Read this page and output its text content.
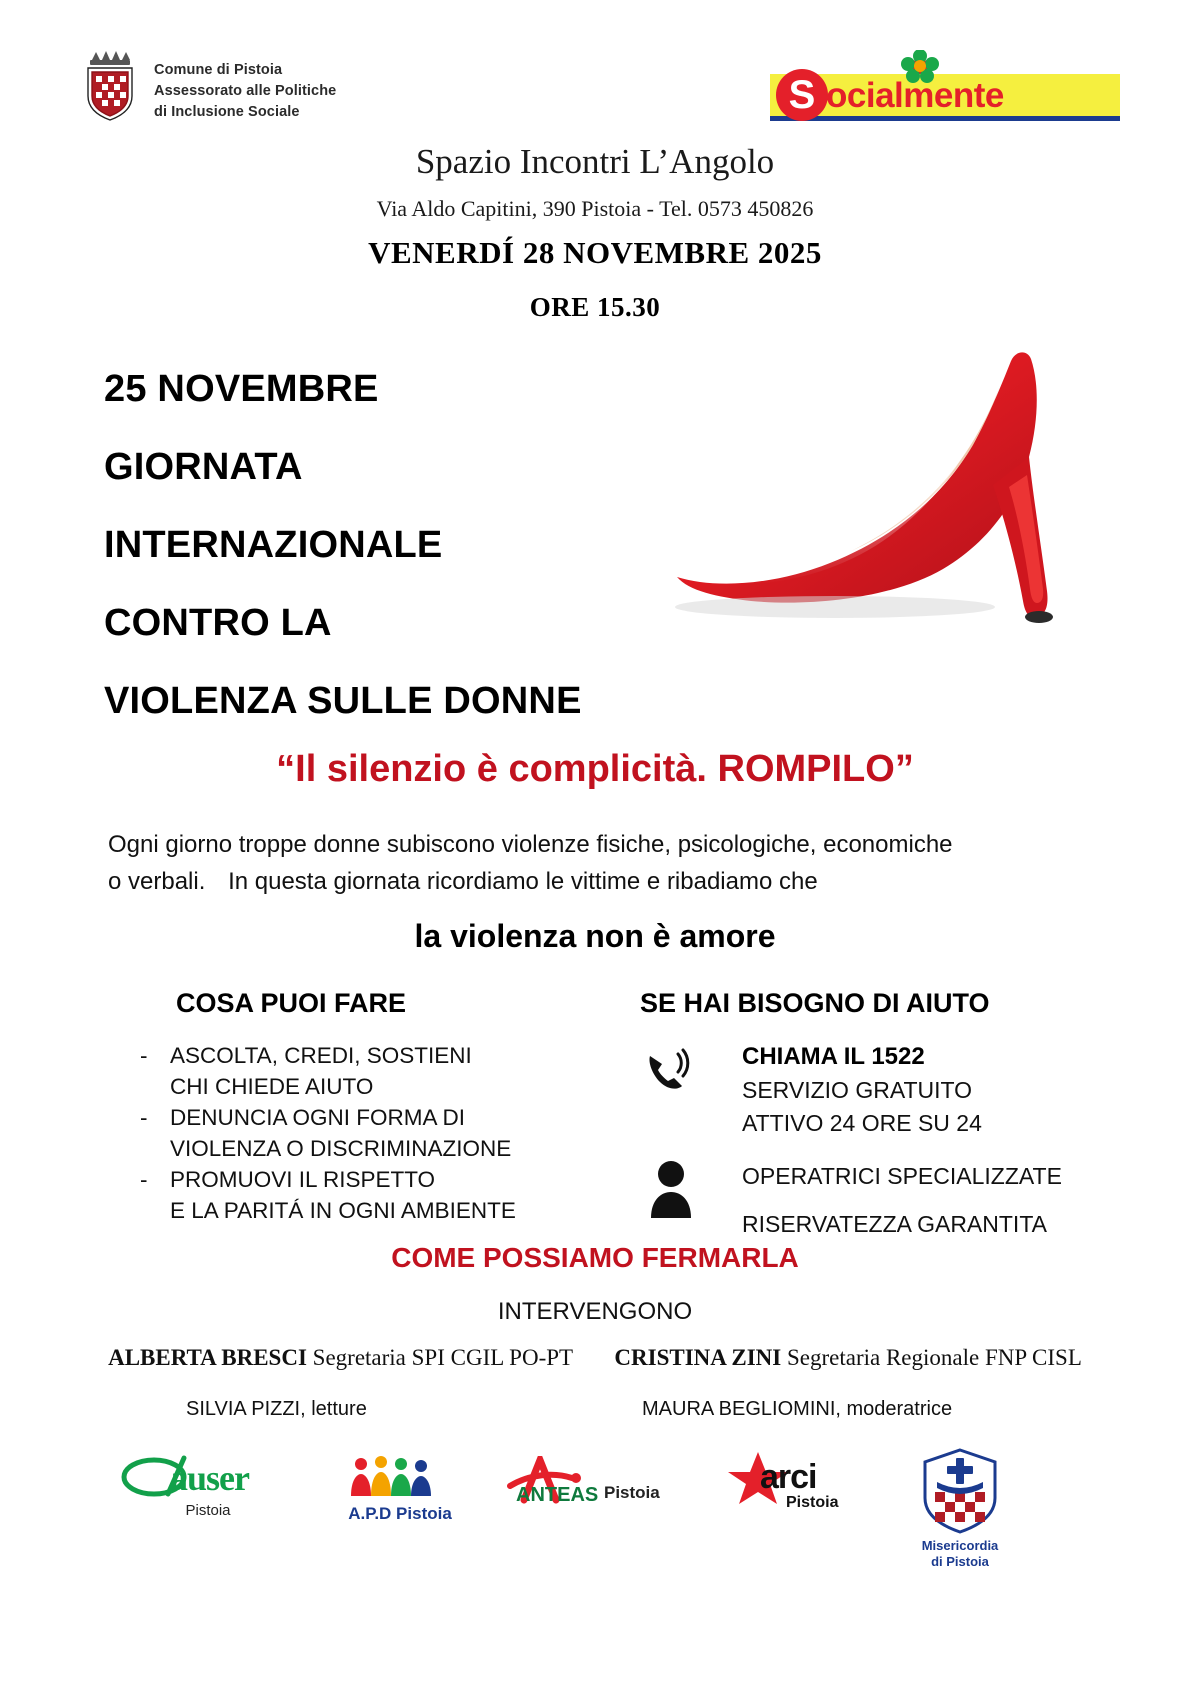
Comune di Pistoia
Assessorato alle Politiche
di Inclusione Sociale	S ocialmente
Spazio Incontri L’Angolo
Via Aldo Capitini, 390 Pistoia - Tel. 0573 450826
VENERDÍ 28 NOVEMBRE 2025
ORE 15.30
25 NOVEMBRE
GIORNATA
INTERNAZIONALE
CONTRO LA
VIOLENZA SULLE DONNE
“Il silenzio è complicità. ROMPILO”
Ogni giorno troppe donne subiscono violenze fisiche, psicologiche, economiche
o verbali. In questa giornata ricordiamo le vittime e ribadiamo che
la violenza non è amore
COSA PUOI FARE	SE HAI BISOGNO DI AIUTO
-	ASCOLTA, CREDI, SOSTIENI
CHI CHIEDE AIUTO
-	DENUNCIA OGNI FORMA DI
VIOLENZA O DISCRIMINAZIONE
-	PROMUOVI IL RISPETTO
E LA PARITÁ IN OGNI AMBIENTE
CHIAMA IL 1522
SERVIZIO GRATUITO
ATTIVO 24 ORE SU 24
OPERATRICI SPECIALIZZATE
RISERVATEZZA GARANTITA
COME POSSIAMO FERMARLA
INTERVENGONO
ALBERTA BRESCI Segretaria SPI CGIL PO-PT CRISTINA ZINI Segretaria Regionale FNP CISL
SILVIA PIZZI, letture	MAURA BEGLIOMINI, moderatrice
auser
Pistoia	A.P.D Pistoia
ANTEAS Pistoia	arci
Pistoia
Misericordia
di Pistoia
